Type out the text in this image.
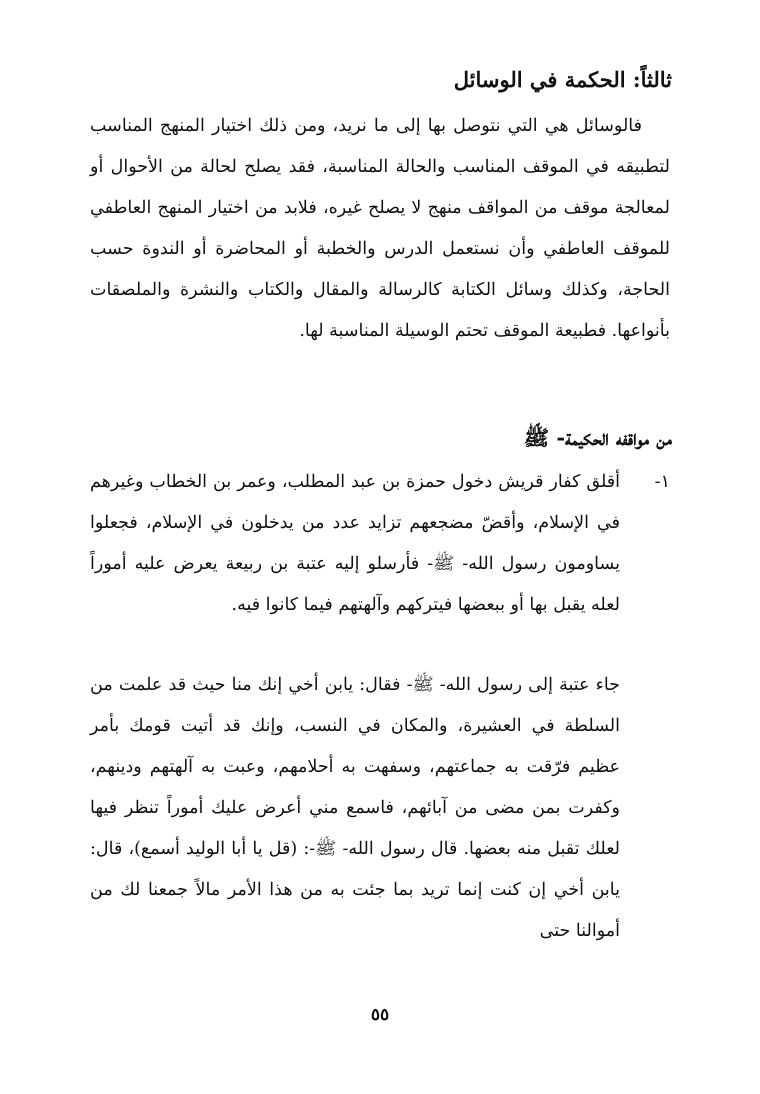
ثالثاً: الحكمة في الوسائل

فالوسائل هي التي نتوصل بها إلى ما نريد، ومن ذلك اختيار المنهج المناسب لتطبيقه في الموقف المناسب والحالة المناسبة، فقد يصلح لحالة من الأحوال أو لمعالجة موقف من المواقف منهج لا يصلح غيره، فلابد من اختيار المنهج العاطفي للموقف العاطفي وأن نستعمل الدرس والخطبة أو المحاضرة أو الندوة حسب الحاجة، وكذلك وسائل الكتابة كالرسالة والمقال والكتاب والنشرة والملصقات بأنواعها. فطبيعة الموقف تحتم الوسيلة المناسبة لها.

من مواقفه الحكيمة- ﷺ
١-

أقلق كفار قريش دخول حمزة بن عبد المطلب، وعمر بن الخطاب وغيرهم في الإسلام، وأقضّ مضجعهم تزايد عدد من يدخلون في الإسلام، فجعلوا يساومون رسول الله- ﷺ- فأرسلو إليه عتبة بن ربيعة يعرض عليه أموراً لعله يقبل بها أو ببعضها فيتركهم وآلهتهم فيما كانوا فيه.

جاء عتبة إلى رسول الله- ﷺ- فقال: يابن أخي إنك منا حيث قد علمت من السلطة في العشيرة، والمكان في النسب، وإنك قد أتيت قومك بأمر عظيم فرّقت به جماعتهم، وسفهت به أحلامهم، وعبت به آلهتهم ودينهم، وكفرت بمن مضى من آبائهم، فاسمع مني أعرض عليك أموراً تنظر فيها لعلك تقبل منه بعضها. قال رسول الله- ﷺ-: (قل يا أبا الوليد أسمع)، قال: يابن أخي إن كنت إنما تريد بما جئت به من هذا الأمر مالاً جمعنا لك من أموالنا حتى

٥٥
